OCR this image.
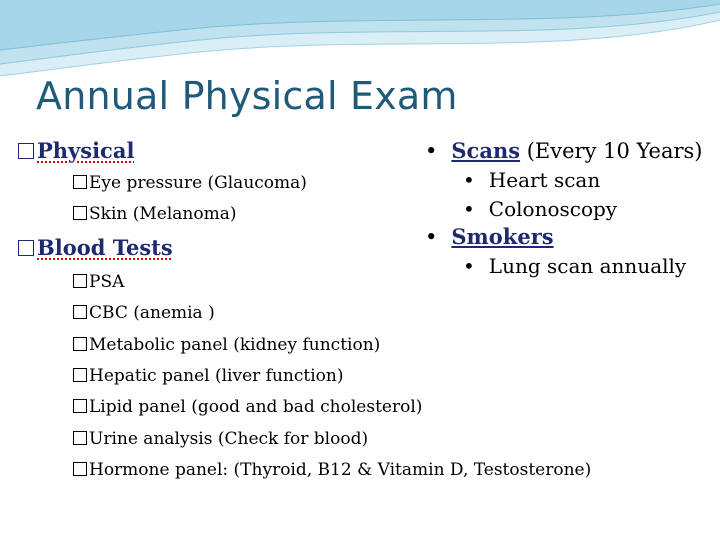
Annual Physical Exam
Physical
Eye pressure (Glaucoma)
Skin (Melanoma)
Blood Tests
PSA
CBC (anemia )
Metabolic panel (kidney function)
Hepatic panel (liver function)
Lipid panel (good and bad cholesterol)
Urine analysis (Check for blood)
Hormone panel: (Thyroid, B12 & Vitamin D, Testosterone)
• Scans (Every 10 Years)
• Heart scan
• Colonoscopy
• Smokers
• Lung scan annually
